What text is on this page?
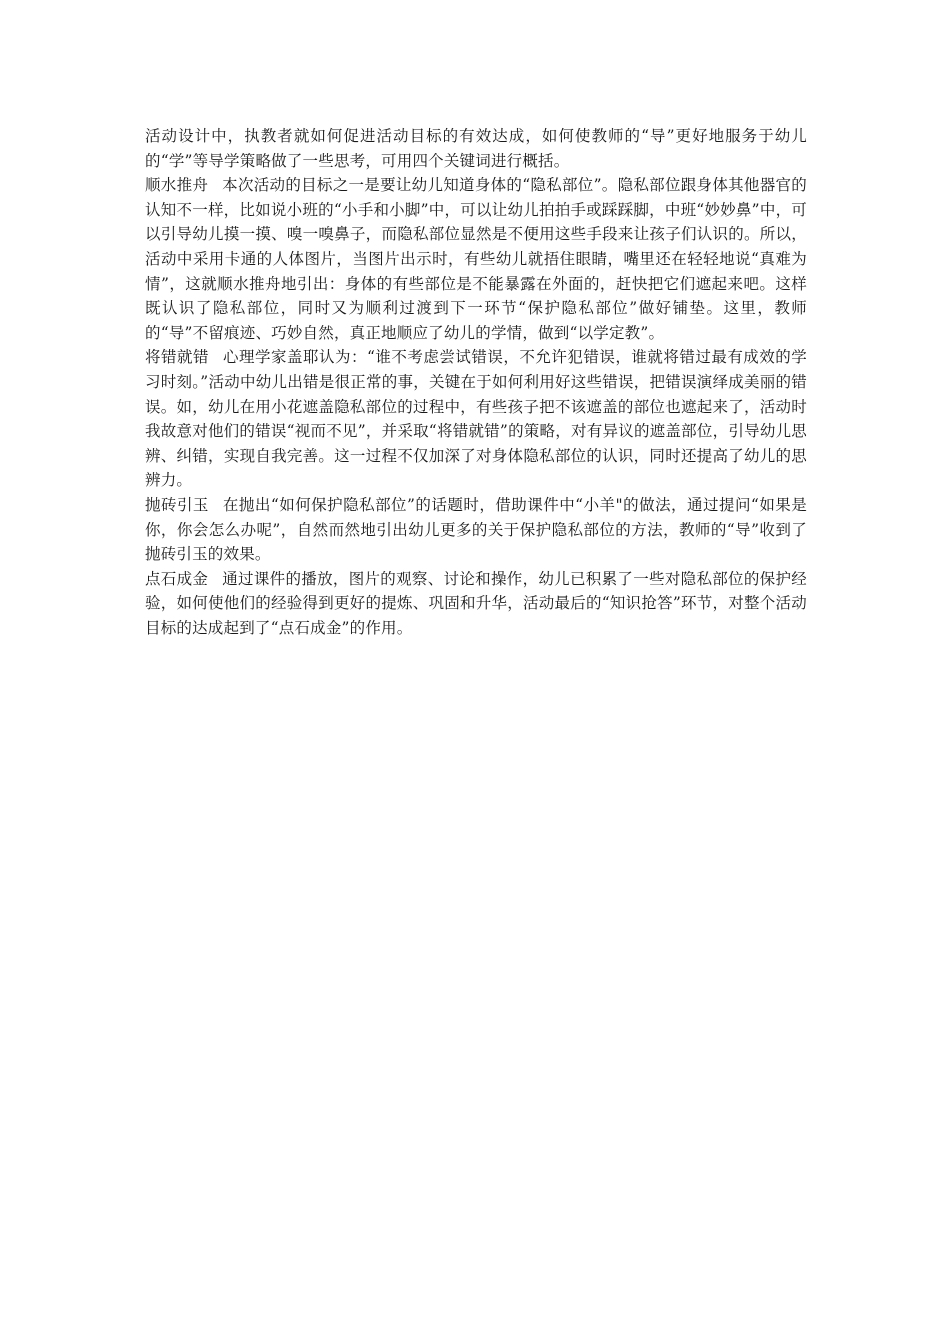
活动设计中，执教者就如何促进活动目标的有效达成，如何使教师的“导”更好地服务于幼儿的“学”等导学策略做了一些思考，可用四个关键词进行概括。

顺水推舟 本次活动的目标之一是要让幼儿知道身体的“隐私部位”。隐私部位跟身体其他器官的认知不一样，比如说小班的“小手和小脚”中，可以让幼儿拍拍手或踩踩脚，中班“妙妙鼻”中，可以引导幼儿摸一摸、嗅一嗅鼻子，而隐私部位显然是不便用这些手段来让孩子们认识的。所以，活动中采用卡通的人体图片，当图片出示时，有些幼儿就捂住眼睛，嘴里还在轻轻地说“真难为情”，这就顺水推舟地引出：身体的有些部位是不能暴露在外面的，赶快把它们遮起来吧。这样既认识了隐私部位，同时又为顺利过渡到下一环节“保护隐私部位”做好铺垫。这里，教师的“导”不留痕迹、巧妙自然，真正地顺应了幼儿的学情，做到“以学定教”。

将错就错 心理学家盖耶认为：“谁不考虑尝试错误，不允许犯错误，谁就将错过最有成效的学习时刻。”活动中幼儿出错是很正常的事，关键在于如何利用好这些错误，把错误演绎成美丽的错误。如，幼儿在用小花遮盖隐私部位的过程中，有些孩子把不该遮盖的部位也遮起来了，活动时我故意对他们的错误“视而不见”，并采取“将错就错”的策略，对有异议的遮盖部位，引导幼儿思辨、纠错，实现自我完善。这一过程不仅加深了对身体隐私部位的认识，同时还提高了幼儿的思辨力。

抛砖引玉 在抛出“如何保护隐私部位”的话题时，借助课件中“小羊"的做法，通过提问“如果是你，你会怎么办呢”，自然而然地引出幼儿更多的关于保护隐私部位的方法，教师的“导”收到了抛砖引玉的效果。

点石成金 通过课件的播放，图片的观察、讨论和操作，幼儿已积累了一些对隐私部位的保护经验，如何使他们的经验得到更好的提炼、巩固和升华，活动最后的“知识抢答”环节，对整个活动目标的达成起到了“点石成金”的作用。
